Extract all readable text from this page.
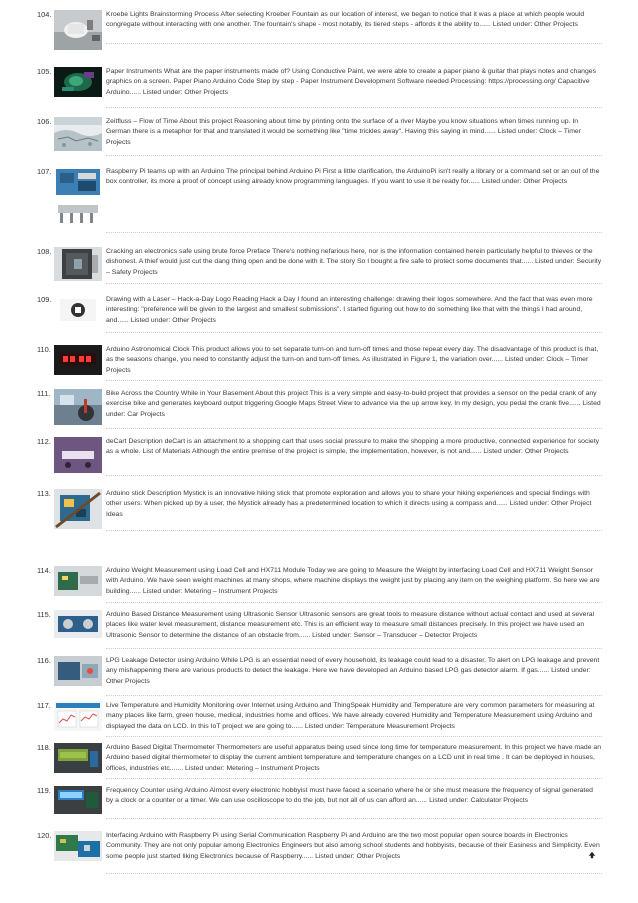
104.	Kroebe Lights Brainstorming Process After selecting Kroeber Fountain as our location of interest, we began to notice that it was a place at which people would congregate without interacting with one another. The fountain's shape - most notably, its tiered steps - affords it the ability to...... Listed under: Other Projects
105.	Paper Instruments What are the paper instruments made of? Using Conductive Paint, we were able to create a paper piano & guitar that plays notes and changes graphics on a screen. Paper Piano Arduino Code Step by step - Paper Instrument Development Software needed Processing: https://processing.org/ Capacitive Arduino...... Listed under: Other Projects
106.	Zeitfluss – Flow of Time About this project Reasoning about time by printing onto the surface of a river Maybe you know situations when times running up. In German there is a metaphor for that and translated it would be something like "time trickles away". Having this saying in mind...... Listed under: Clock – Timer Projects
107.	Raspberry Pi teams up with an Arduino The principal behind Arduino Pi First a little clarification, the ArduinoPi isn't really a library or a command set or an out of the box controller, its more a proof of concept using already know programming languages. If you want to use it be ready for...... Listed under: Other Projects
108.	Cracking an electronics safe using brute force Preface There's nothing nefarious here, nor is the information contained herein particularly helpful to thieves or the dishonest. A thief would just cut the dang thing open and be done with it. The story So I bought a fire safe to protect some documents that...... Listed under: Security – Safety Projects
109.	Drawing with a Laser – Hack-a-Day Logo Reading Hack a Day I found an interesting challenge: drawing their logos somewhere. And the fact that was even more interesting: "preference will be given to the largest and smallest submissions". I started figuring out how to do something like that with the things I had around, and...... Listed under: Other Projects
110.	Arduino Astronomical Clock This product allows you to set separate turn-on and turn-off times and those repeat every day. The disadvantage of this product is that, as the seasons change, you need to constantly adjust the turn-on and turn-off times. As illustrated in Figure 1, the variation over...... Listed under: Clock – Timer Projects
111.	Bike Across the Country While in Your Basement About this project This is a very simple and easy-to-build project that provides a sensor on the pedal crank of any exercise bike and generates keyboard output triggering Google Maps Street View to advance via the up arrow key. In my design, you pedal the crank five...... Listed under: Car Projects
112.	deCart Description deCart is an attachment to a shopping cart that uses social pressure to make the shopping a more productive, connected experience for society as a whole. List of Materials Although the entire premise of the project is simple, the implementation, however, is not and...... Listed under: Other Projects
113.	Arduino stick Description Mystick is an innovative hiking stick that promote exploration and allows you to share your hiking experiences and special findings with other users. When picked up by a user, the Mystick already has a predetermined location to which it directs using a compass and...... Listed under: Other Project Ideas
114.	Arduino Weight Measurement using Load Cell and HX711 Module Today we are going to Measure the Weight by interfacing Load Cell and HX711 Weight Sensor with Arduino. We have seen weight machines at many shops, where machine displays the weight just by placing any item on the weighing platform. So here we are building...... Listed under: Metering – Instrument Projects
115.	Arduino Based Distance Measurement using Ultrasonic Sensor Ultrasonic sensors are great tools to measure distance without actual contact and used at several places like water level measurement, distance measurement etc. This is an efficient way to measure small distances precisely. In this project we have used an Ultrasonic Sensor to determine the distance of an obstacle from...... Listed under: Sensor – Transducer – Detector Projects
116.	LPG Leakage Detector using Arduino While LPG is an essential need of every household, its leakage could lead to a disaster. To alert on LPG leakage and prevent any mishappening there are various products to detect the leakage. Here we have developed an Arduino based LPG gas detector alarm. If gas...... Listed under: Other Projects
117.	Live Temperature and Humidity Monitoring over Internet using Arduino and ThingSpeak Humidity and Temperature are very common parameters for measuring at many places like farm, green house, medical, industries home and offices. We have already covered Humidity and Temperature Measurement using Arduino and displayed the data on LCD. In this IoT project we are going to...... Listed under: Temperature Measurement Projects
118.	Arduino Based Digital Thermometer Thermometers are useful apparatus being used since long time for temperature measurement. In this project we have made an Arduino based digital thermometer to display the current ambient temperature and temperature changes on a LCD unit in real time . It can be deployed in houses, offices, industries etc....... Listed under: Metering – Instrument Projects
119.	Frequency Counter using Arduino Almost every electronic hobbyist must have faced a scenario where he or she must measure the frequency of signal generated by a clock or a counter or a timer. We can use oscilloscope to do the job, but not all of us can afford an...... Listed under: Calculator Projects
120.	Interfacing Arduino with Raspberry Pi using Serial Communication Raspberry Pi and Arduino are the two most popular open source boards in Electronics Community. They are not only popular among Electronics Engineers but also among school students and hobbyists, because of their Easiness and Simplicity. Even some people just started liking Electronics because of Raspberry...... Listed under: Other Projects
